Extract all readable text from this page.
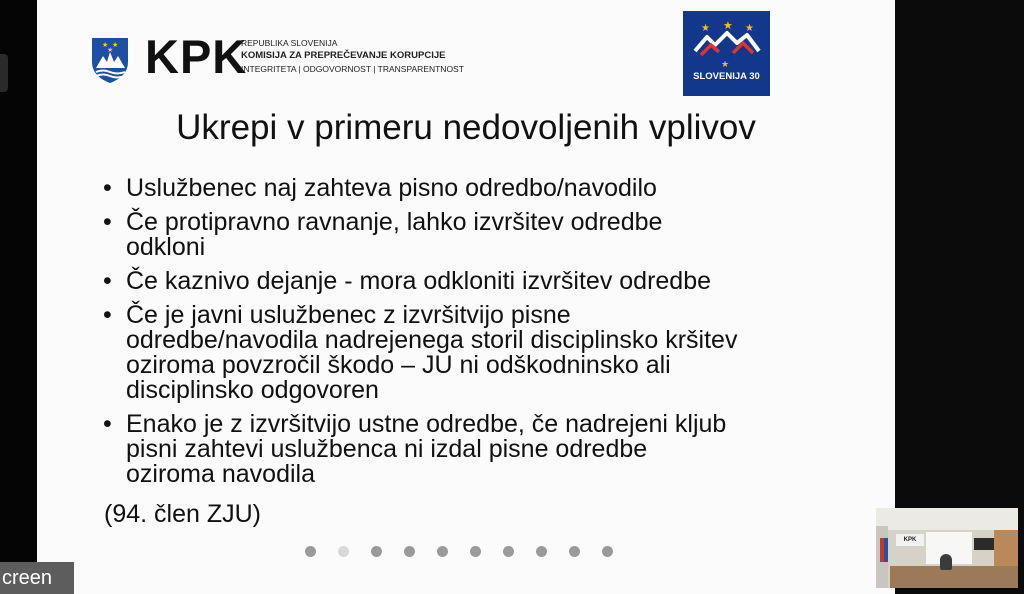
★ ★
★ KPK
REPUBLIKA SLOVENIJA
KOMISIJA ZA PREPREČEVANJE KORUPCIJE
INTEGRITETA | ODGOVORNOST | TRANSPARENTNOST
★ ★ ★
★
SLOVENIJA 30
Ukrepi v primeru nedovoljenih vplivov
• Uslužbenec naj zahteva pisno odredbo/navodilo
• Če protipravno ravnanje, lahko izvršitev odredbe
odkloni
• Če kaznivo dejanje - mora odkloniti izvršitev odredbe
• Če je javni uslužbenec z izvršitvijo pisne
odredbe/navodila nadrejenega storil disciplinsko kršitev
oziroma povzročil škodo – JU ni odškodninsko ali
disciplinsko odgovoren
• Enako je z izvršitvijo ustne odredbe, če nadrejeni kljub
pisni zahtevi uslužbenca ni izdal pisne odredbe
oziroma navodila
(94. člen ZJU)
creen
KPK
